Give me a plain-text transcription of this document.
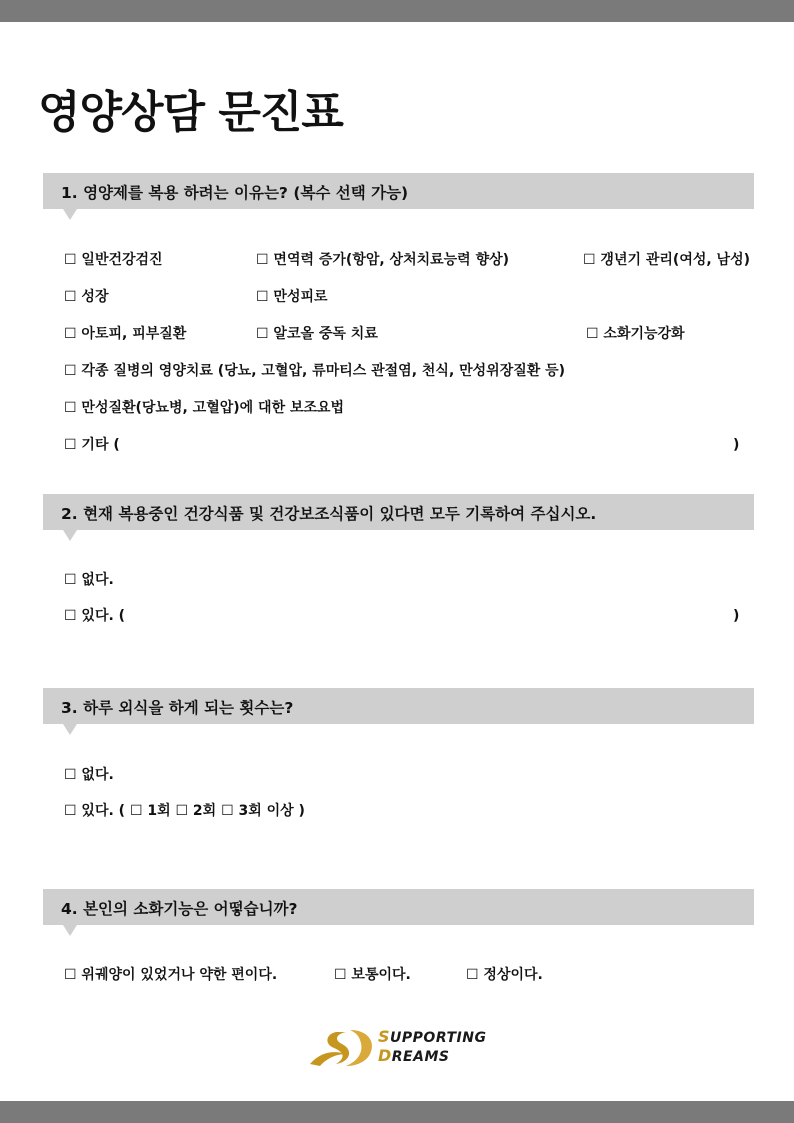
영양상담 문진표
1. 영양제를 복용 하려는 이유는? (복수 선택 가능)
☐ 일반건강검진	☐ 면역력 증가(항암, 상처치료능력 향상)	☐ 갱년기 관리(여성, 남성)
☐ 성장	☐ 만성피로
☐ 아토피, 피부질환	☐ 알코올 중독 치료	☐ 소화기능강화
☐ 각종 질병의 영양치료 (당뇨, 고혈압, 류마티스 관절염, 천식, 만성위장질환 등)
☐ 만성질환(당뇨병, 고혈압)에 대한 보조요법
☐ 기타 (	)
2. 현재 복용중인 건강식품 및 건강보조식품이 있다면 모두 기록하여 주십시오.
☐ 없다.
☐ 있다. (	)
3. 하루 외식을 하게 되는 횟수는?
☐ 없다.
☐ 있다. ( ☐ 1회 ☐ 2회 ☐ 3회 이상 )
4. 본인의 소화기능은 어떻습니까?
☐ 위궤양이 있었거나 약한 편이다.	☐ 보통이다.	☐ 정상이다.
SUPPORTING
DREAMS
